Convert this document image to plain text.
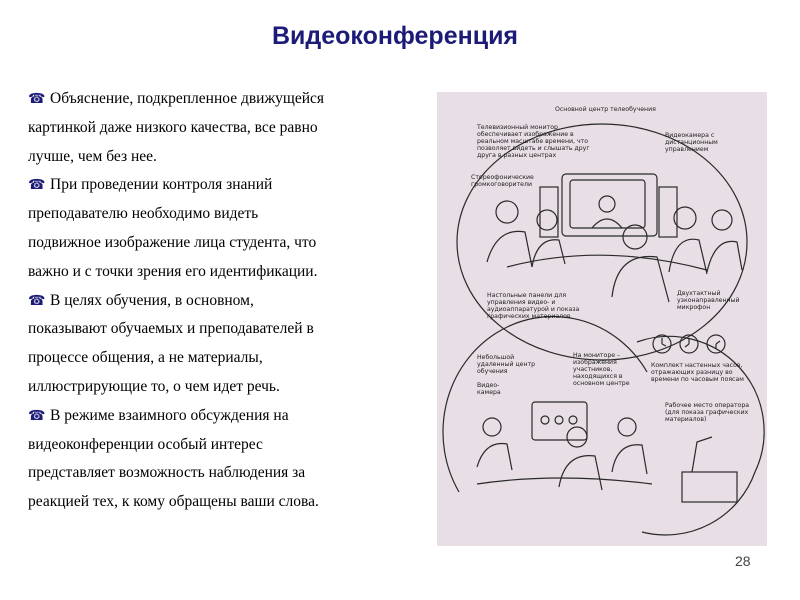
Видеоконференция

☎ Объяснение, подкрепленное движущейся
картинкой даже низкого качества, все равно
лучше, чем без нее.

☎ При проведении контроля знаний
преподавателю необходимо видеть
подвижное изображение лица студента, что
важно и с точки зрения его идентификации.

☎ В целях обучения, в основном,
показывают обучаемых и преподавателей в
процессе общения, а не материалы,
иллюстрирующие то, о чем идет речь.

☎ В режиме взаимного обсуждения на
видеоконференции особый интерес
представляет возможность наблюдения за
реакцией тех, к кому обращены ваши слова.

Основной центр телеобучения
Телевизионный монитор обеспечивает изображение в реальном масштабе времени, что позволяет видеть и слышать друг друга в разных центрах
Видеокамера с дистанционным управлением
Стереофонические громкоговорители
Настольные панели для управления видео- и аудиоаппаратурой и показа графических материалов
Двухтактный узконаправленный микрофон
Небольшой удаленный центр обучения
На мониторе – изображения участников, находящихся в основном центре
Комплект настенных часов, отражающих разницу во времени по часовым поясам
Видео-камера
Рабочее место оператора (для показа графических материалов)
28
